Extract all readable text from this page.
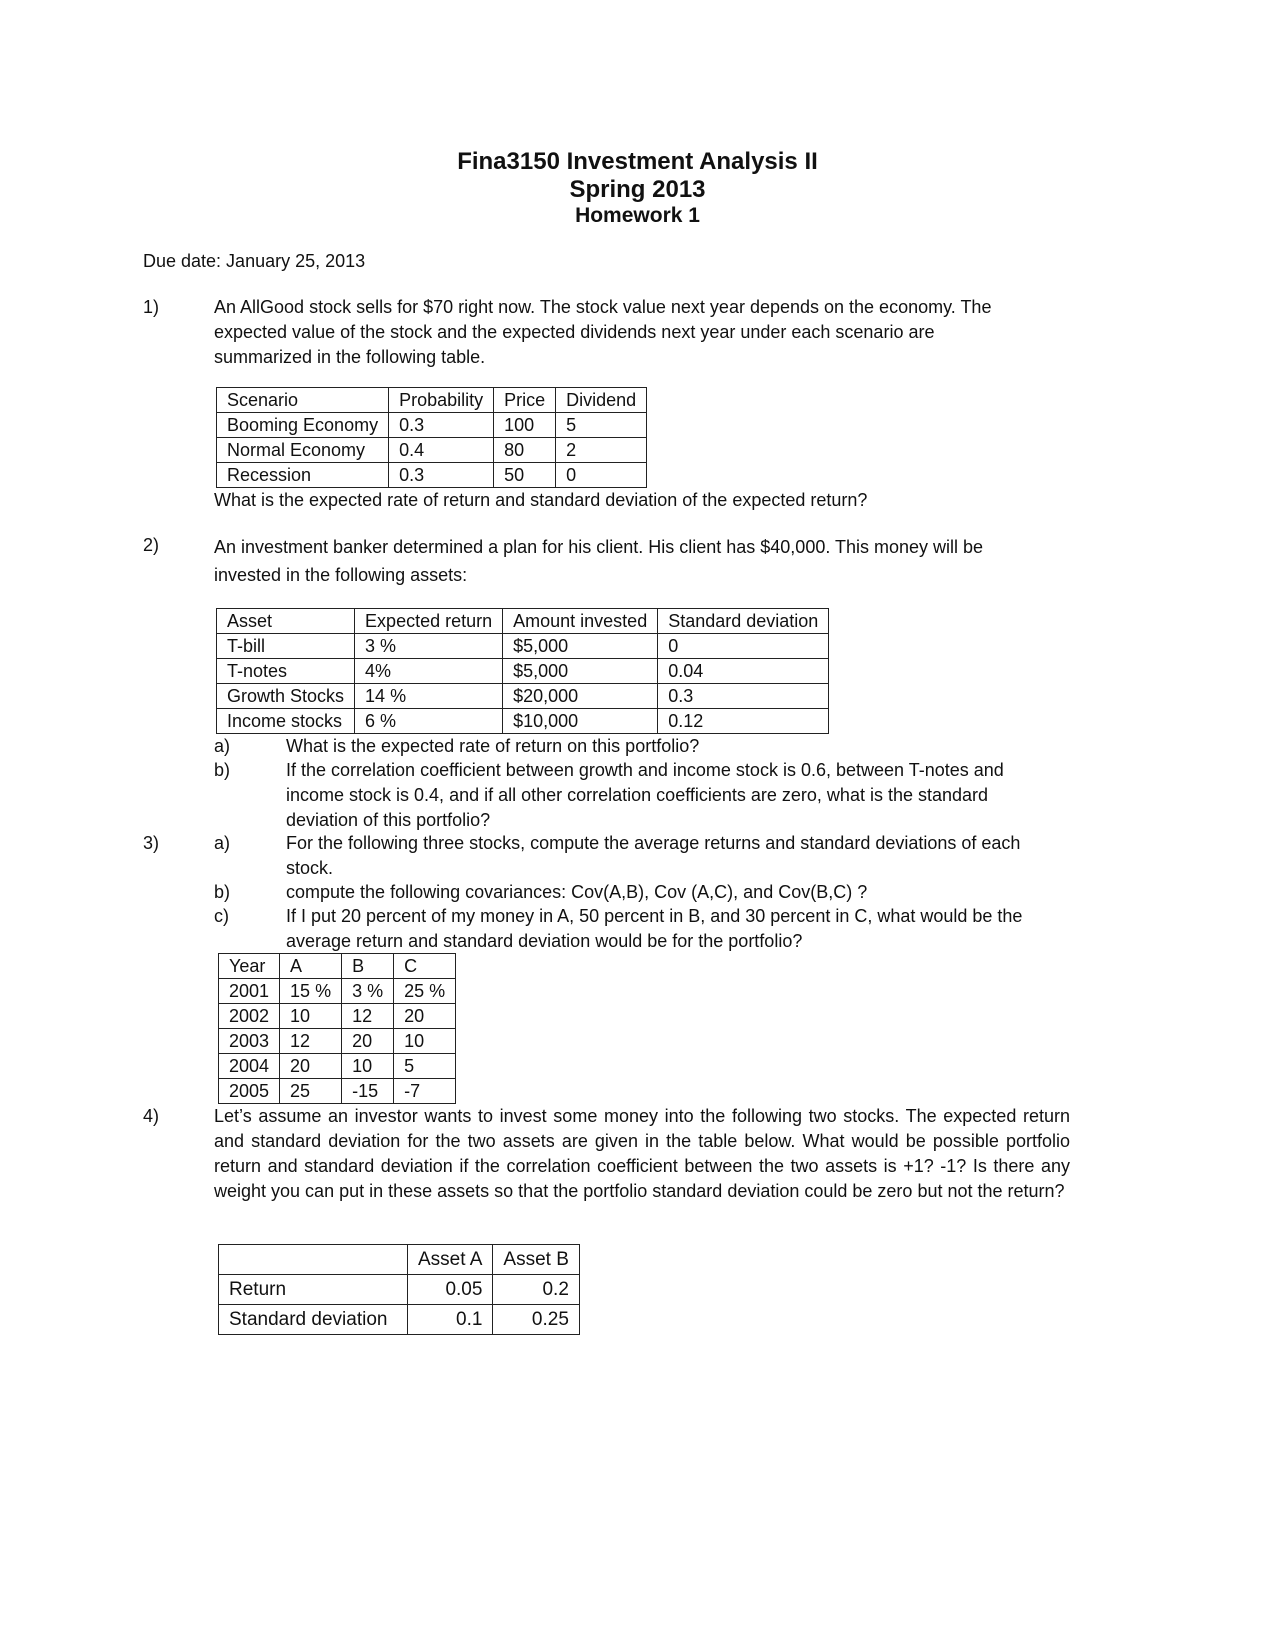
Fina3150 Investment Analysis II
Spring 2013
Homework 1
Due date: January 25, 2013
1)	An AllGood stock sells for $70 right now. The stock value next year depends on the economy. The
expected value of the stock and the expected dividends next year under each scenario are
summarized in the following table.
Scenario	Probability	Price	Dividend
Booming Economy	0.3	100	5
Normal Economy	0.4	80	2
Recession	0.3	50	0
What is the expected rate of return and standard deviation of the expected return?
2)	An investment banker determined a plan for his client. His client has $40,000. This money will be
invested in the following assets:
Asset	Expected return	Amount invested	Standard deviation
T-bill	3 %	$5,000	0
T-notes	4%	$5,000	0.04
Growth Stocks	14 %	$20,000	0.3
Income stocks	6 %	$10,000	0.12
a)	What is the expected rate of return on this portfolio?
b)	If the correlation coefficient between growth and income stock is 0.6, between T-notes and
income stock is 0.4, and if all other correlation coefficients are zero, what is the standard
deviation of this portfolio?
3)	a)	For the following three stocks, compute the average returns and standard deviations of each
stock.
b)	compute the following covariances: Cov(A,B), Cov (A,C), and Cov(B,C) ?
c)	If I put 20 percent of my money in A, 50 percent in B, and 30 percent in C, what would be the
average return and standard deviation would be for the portfolio?
Year	A	B	C
2001	15 %	3 %	25 %
2002	10	12	20
2003	12	20	10
2004	20	10	5
2005	25	-15	-7
4)	Let’s assume an investor wants to invest some money into the following two stocks. The expected return and standard deviation for the two assets are given in the table below. What would be possible portfolio return and standard deviation if the correlation coefficient between the two assets is +1? -1? Is there any weight you can put in these assets so that the portfolio standard deviation could be zero but not the return?
	Asset A	Asset B
Return	0.05	0.2
Standard deviation	0.1	0.25
